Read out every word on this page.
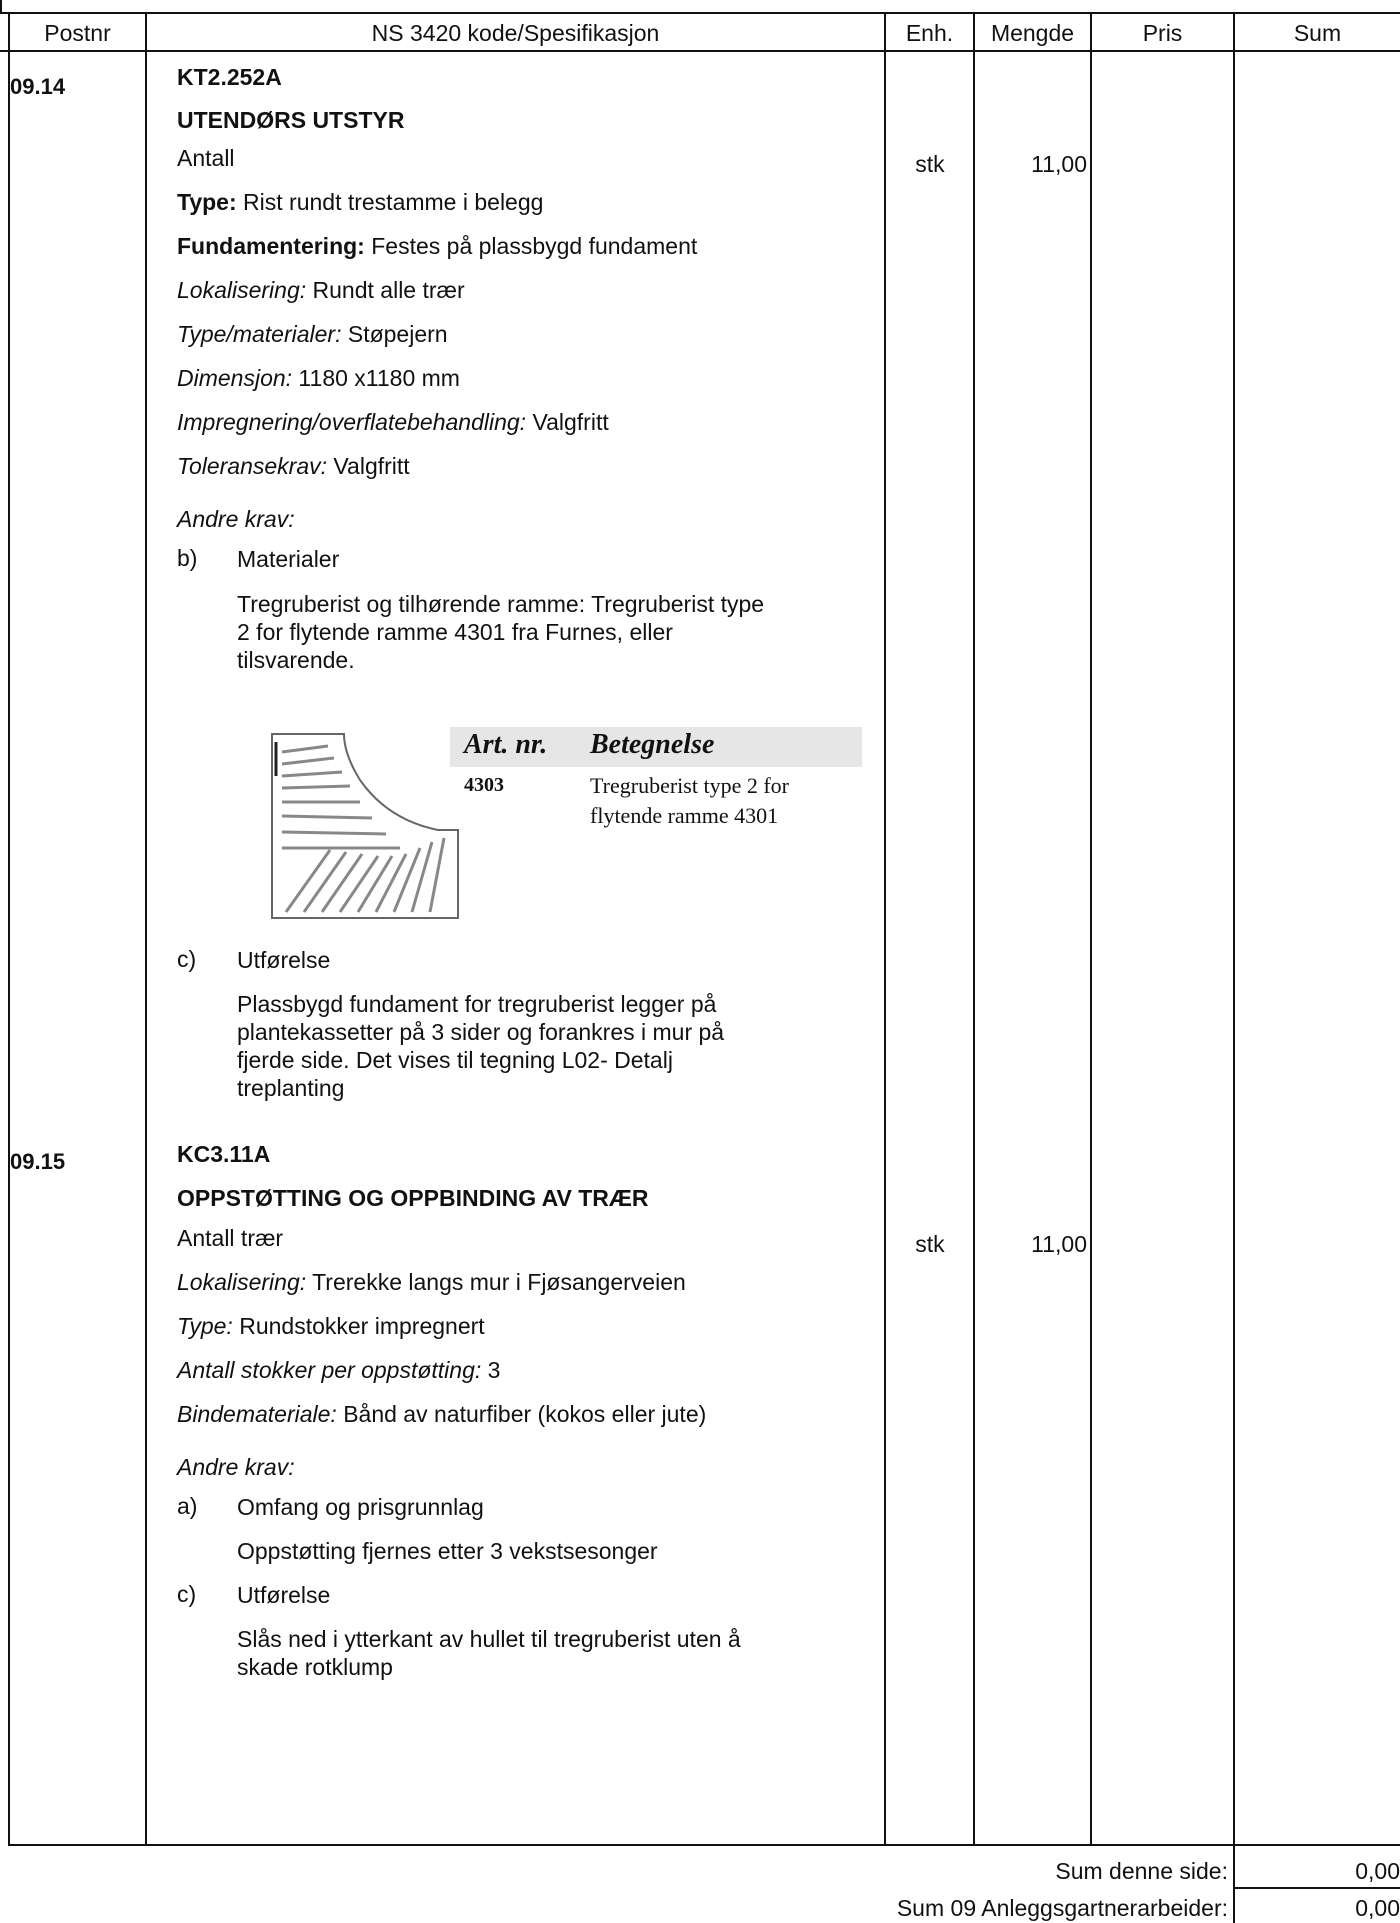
Postnr	NS 3420 kode/Spesifikasjon	Enh.	Mengde	Pris	Sum
09.14	KT2.252A
UTENDØRS UTSTYR
Antall	stk	11,00
Type: Rist rundt trestamme i belegg
Fundamentering: Festes på plassbygd fundament
Lokalisering: Rundt alle trær
Type/materialer: Støpejern
Dimensjon: 1180 x1180 mm
Impregnering/overflatebehandling: Valgfritt
Toleransekrav: Valgfritt
Andre krav:
b) Materialer
Tregruberist og tilhørende ramme: Tregruberist type
2 for flytende ramme 4301 fra Furnes, eller
tilsvarende.
Art. nr. Betegnelse
4303	Tregruberist type 2 for
flytende ramme 4301
c) Utførelse
Plassbygd fundament for tregruberist legger på
plantekassetter på 3 sider og forankres i mur på
fjerde side. Det vises til tegning L02- Detalj
treplanting
09.15	KC3.11A
OPPSTØTTING OG OPPBINDING AV TRÆR
Antall trær	stk	11,00
Lokalisering: Trerekke langs mur i Fjøsangerveien
Type: Rundstokker impregnert
Antall stokker per oppstøtting: 3
Bindemateriale: Bånd av naturfiber (kokos eller jute)
Andre krav:
a) Omfang og prisgrunnlag
Oppstøtting fjernes etter 3 vekstsesonger
c) Utførelse
Slås ned i ytterkant av hullet til tregruberist uten å
skade rotklump
Sum denne side:	0,00
Sum 09 Anleggsgartnerarbeider:	0,00
